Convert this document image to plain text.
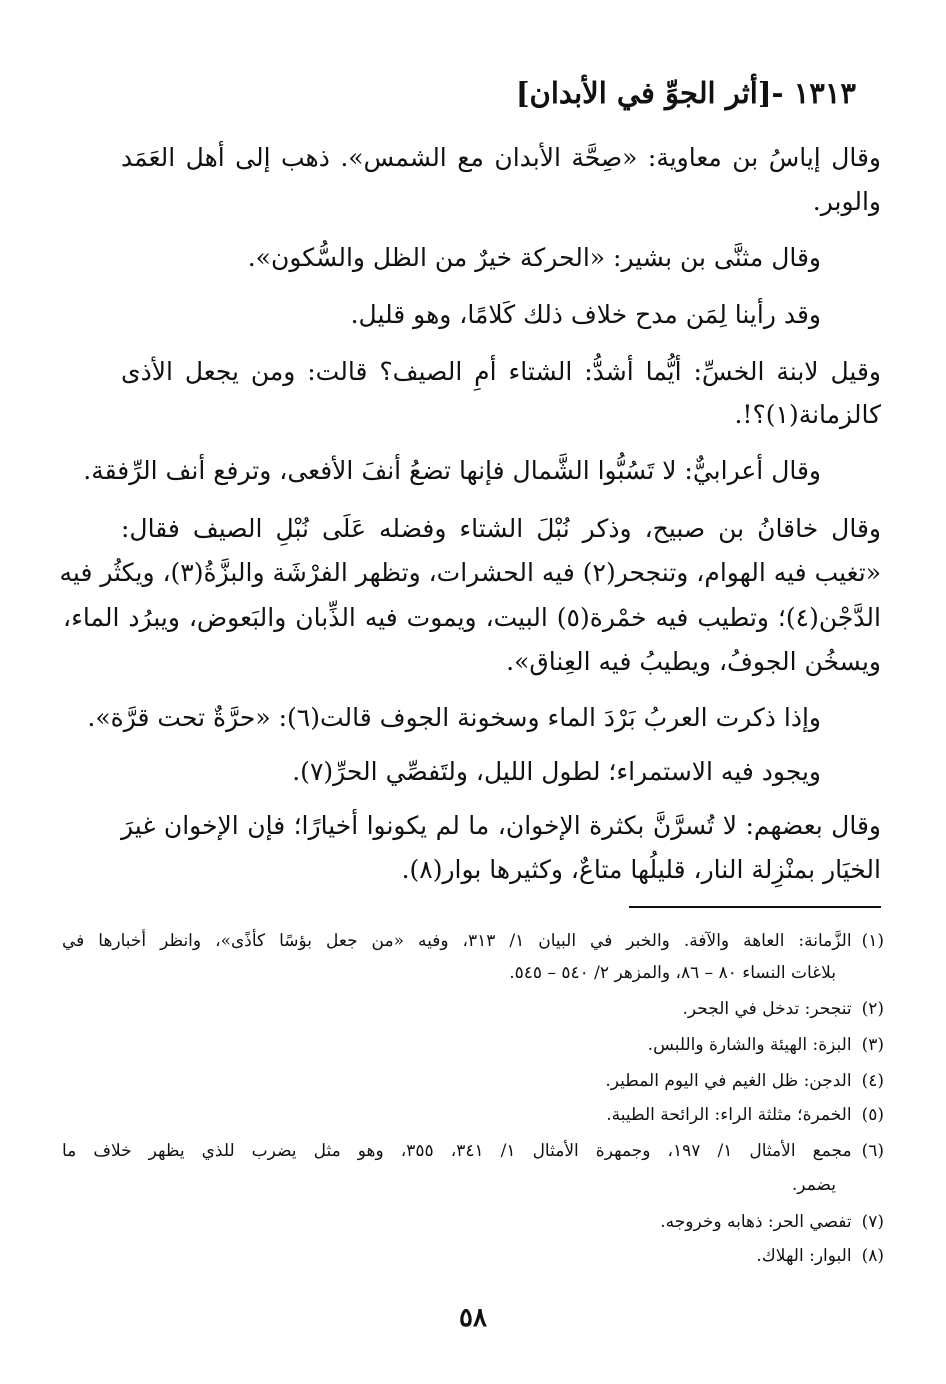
١٣١٣ -[أثر الجوِّ في الأبدان]
وقال إياسُ بن معاوية: «صِحَّة الأبدان مع الشمس». ذهب إلى أهل العَمَد
والوبر.
وقال مثنَّى بن بشير: «الحركة خيرٌ من الظل والسُّكون».
وقد رأينا لِمَن مدح خلاف ذلك كَلامًا، وهو قليل.
وقيل لابنة الخسِّ: أيُّما أشدُّ: الشتاء أمِ الصيف؟ قالت: ومن يجعل الأذى
كالزمانة(١)؟!.
وقال أعرابيٌّ: لا تَسُبُّوا الشَّمال فإنها تضعُ أنفَ الأفعى، وترفع أنف الرِّفقة.
وقال خاقانُ بن صبيح، وذكر نُبْلَ الشتاء وفضله عَلَى نُبْلِ الصيف فقال:
«تغيب فيه الهوام، وتنجحر(٢) فيه الحشرات، وتظهر الفرْشَة والبزَّةُ(٣)، ويكثُر فيه
الدَّجْن(٤)؛ وتطيب فيه خمْرة(٥) البيت، ويموت فيه الذِّبان والبَعوض، ويبرُد الماء،
ويسخُن الجوفُ، ويطيبُ فيه العِناق».
وإذا ذكرت العربُ بَرْدَ الماء وسخونة الجوف قالت(٦): «حرَّةٌ تحت قرَّة».
ويجود فيه الاستمراء؛ لطول الليل، ولتَفصِّي الحرِّ(٧).
وقال بعضهم: لا تُسرَّنَّ بكثرة الإخوان، ما لم يكونوا أخيارًا؛ فإن الإخوان غيرَ
الخيَار بمنْزِلة النار، قليلُها متاعٌ، وكثيرها بوار(٨).
(١)الزَّمانة: العاهة والآفة. والخبر في البيان ١/ ٣١٣، وفيه «من جعل بؤسًا كأذًى»، وانظر أخبارها في
بلاغات النساء ٨٠ – ٨٦، والمزهر ٢/ ٥٤٠ – ٥٤٥.
(٢)تنجحر: تدخل في الجحر.
(٣)البزة: الهيئة والشارة واللبس.
(٤)الدجن: ظل الغيم في اليوم المطير.
(٥)الخمرة؛ مثلثة الراء: الرائحة الطيبة.
(٦)مجمع الأمثال ١/ ١٩٧، وجمهرة الأمثال ١/ ٣٤١، ٣٥٥، وهو مثل يضرب للذي يظهر خلاف ما
يضمر.
(٧)تفصي الحر: ذهابه وخروجه.
(٨)البوار: الهلاك.
٥٨
